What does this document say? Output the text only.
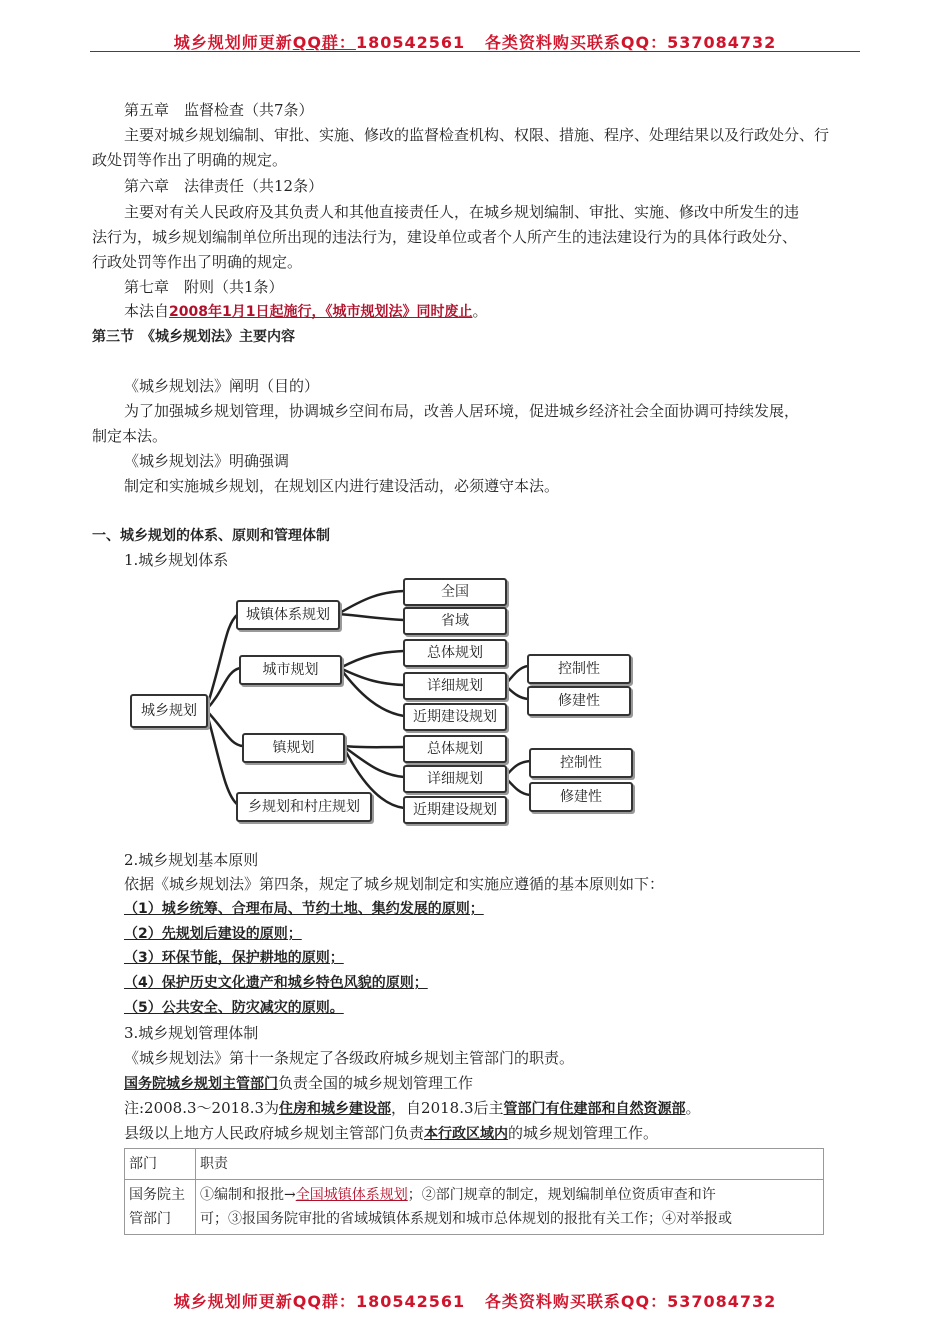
城乡规划师更新QQ群：180542561 各类资料购买联系QQ：537084732
第五章　监督检查（共7条）
主要对城乡规划编制、审批、实施、修改的监督检查机构、权限、措施、程序、处理结果以及行政处分、行
政处罚等作出了明确的规定。
第六章　法律责任（共12条）
主要对有关人民政府及其负责人和其他直接责任人，在城乡规划编制、审批、实施、修改中所发生的违
法行为，城乡规划编制单位所出现的违法行为，建设单位或者个人所产生的违法建设行为的具体行政处分、
行政处罚等作出了明确的规定。
第七章　附则（共1条）
本法自2008年1月1日起施行，《城市规划法》同时废止。
第三节　《城乡规划法》主要内容
《城乡规划法》阐明（目的）
为了加强城乡规划管理，协调城乡空间布局，改善人居环境，促进城乡经济社会全面协调可持续发展，
制定本法。
《城乡规划法》明确强调
制定和实施城乡规划，在规划区内进行建设活动，必须遵守本法。
一、城乡规划的体系、原则和管理体制
1.城乡规划体系
城乡规划
城镇体系规划
城市规划
镇规划
乡规划和村庄规划
全国
省域
总体规划
详细规划
近期建设规划
总体规划
详细规划
近期建设规划
控制性
修建性
控制性
修建性
2.城乡规划基本原则
依据《城乡规划法》第四条，规定了城乡规划制定和实施应遵循的基本原则如下：
（1）城乡统筹、合理布局、节约土地、集约发展的原则；
（2）先规划后建设的原则；
（3）环保节能，保护耕地的原则；
（4）保护历史文化遗产和城乡特色风貌的原则；
（5）公共安全、防灾减灾的原则。
3.城乡规划管理体制
《城乡规划法》第十一条规定了各级政府城乡规划主管部门的职责。
国务院城乡规划主管部门负责全国的城乡规划管理工作
注:2008.3～2018.3为住房和城乡建设部，自2018.3后主管部门有住建部和自然资源部。
县级以上地方人民政府城乡规划主管部门负责本行政区域内的城乡规划管理工作。
部门	职责
国务院主
管部门	①编制和报批→全国城镇体系规划；②部门规章的制定，规划编制单位资质审查和许
可；③报国务院审批的省域城镇体系规划和城市总体规划的报批有关工作；④对举报或
城乡规划师更新QQ群：180542561 各类资料购买联系QQ：537084732
